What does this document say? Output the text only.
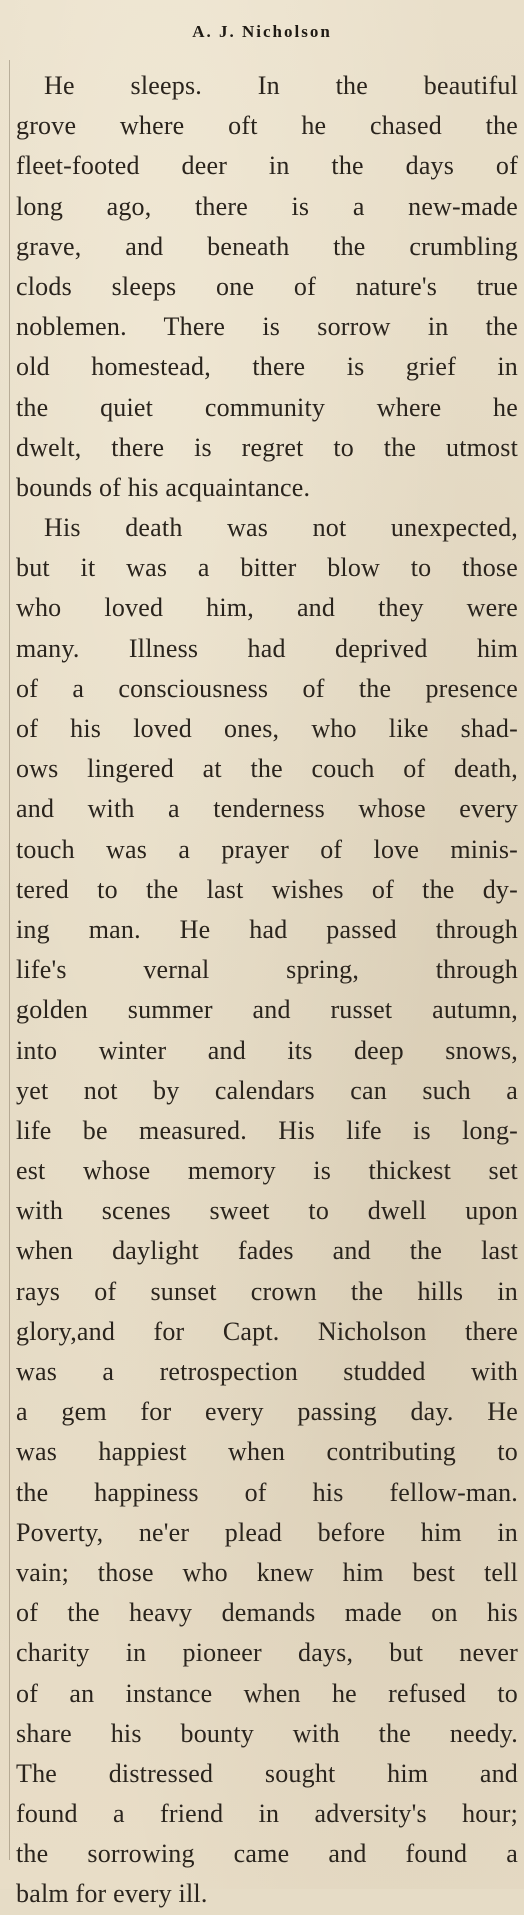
A. J. Nicholson
He sleeps. In the beautiful
grove where oft he chased the
fleet-footed deer in the days of
long ago, there is a new-made
grave, and beneath the crumbling
clods sleeps one of nature's true
noblemen. There is sorrow in the
old homestead, there is grief in
the quiet community where he
dwelt, there is regret to the utmost
bounds of his acquaintance.
His death was not unexpected,
but it was a bitter blow to those
who loved him, and they were
many. Illness had deprived him
of a consciousness of the presence
of his loved ones, who like shad-
ows lingered at the couch of death,
and with a tenderness whose every
touch was a prayer of love minis-
tered to the last wishes of the dy-
ing man. He had passed through
life's vernal spring, through
golden summer and russet autumn,
into winter and its deep snows,
yet not by calendars can such a
life be measured. His life is long-
est whose memory is thickest set
with scenes sweet to dwell upon
when daylight fades and the last
rays of sunset crown the hills in
glory,and for Capt. Nicholson there
was a retrospection studded with
a gem for every passing day. He
was happiest when contributing to
the happiness of his fellow-man.
Poverty, ne'er plead before him in
vain; those who knew him best tell
of the heavy demands made on his
charity in pioneer days, but never
of an instance when he refused to
share his bounty with the needy.
The distressed sought him and
found a friend in adversity's hour;
the sorrowing came and found a
balm for every ill.
